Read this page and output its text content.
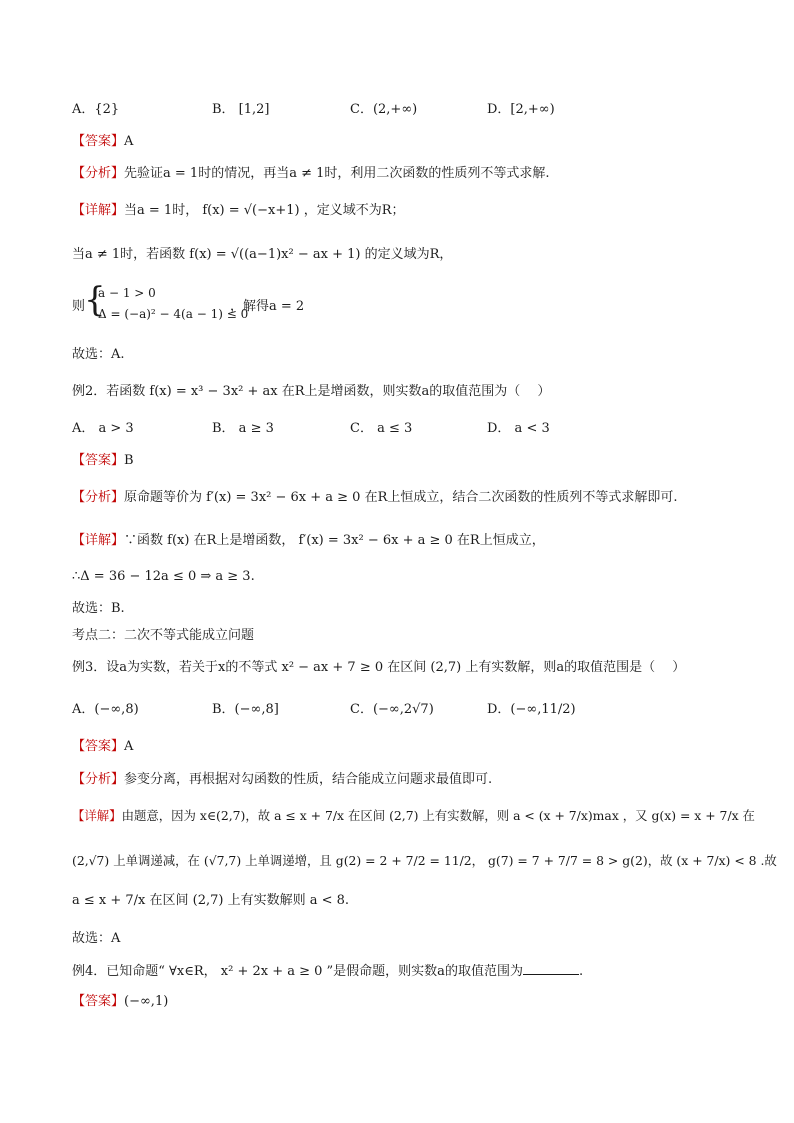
A．{2}	B． [1,2]	C．(2,+∞)	D．[2,+∞)
【答案】A
【分析】先验证a = 1时的情况，再当a ≠ 1时，利用二次函数的性质列不等式求解.
【详解】当a = 1时， f(x) = √(−x+1) ，定义域不为R；
当a ≠ 1时，若函数 f(x) = √((a−1)x² − ax + 1) 的定义域为R，
则
{
a − 1 > 0
Δ = (−a)² − 4(a − 1) ≤ 0
，解得a = 2
故选：A.
例2．若函数 f(x) = x³ − 3x² + ax 在R上是增函数，则实数a的取值范围为（　 ）
A． a > 3	B． a ≥ 3	C． a ≤ 3	D． a < 3
【答案】B
【分析】原命题等价为 f′(x) = 3x² − 6x + a ≥ 0 在R上恒成立，结合二次函数的性质列不等式求解即可.
【详解】∵函数 f(x) 在R上是增函数， f′(x) = 3x² − 6x + a ≥ 0 在R上恒成立，
∴Δ = 36 − 12a ≤ 0 ⇒ a ≥ 3.
故选：B.
考点二：二次不等式能成立问题
例3．设a为实数，若关于x的不等式 x² − ax + 7 ≥ 0 在区间 (2,7) 上有实数解，则a的取值范围是（　 ）
A．(−∞,8)	B．(−∞,8]	C．(−∞,2√7)	D．(−∞,11/2)
【答案】A
【分析】参变分离，再根据对勾函数的性质，结合能成立问题求最值即可.
【详解】由题意，因为 x∈(2,7)，故 a ≤ x + 7/x 在区间 (2,7) 上有实数解，则 a < (x + 7/x)max ，又 g(x) = x + 7/x 在
(2,√7) 上单调递减，在 (√7,7) 上单调递增，且 g(2) = 2 + 7/2 = 11/2， g(7) = 7 + 7/7 = 8 > g(2)，故 (x + 7/x) < 8 .故
a ≤ x + 7/x 在区间 (2,7) 上有实数解则 a < 8.
故选：A
例4．已知命题“ ∀x∈R， x² + 2x + a ≥ 0 ”是假命题，则实数a的取值范围为	.
【答案】(−∞,1)
